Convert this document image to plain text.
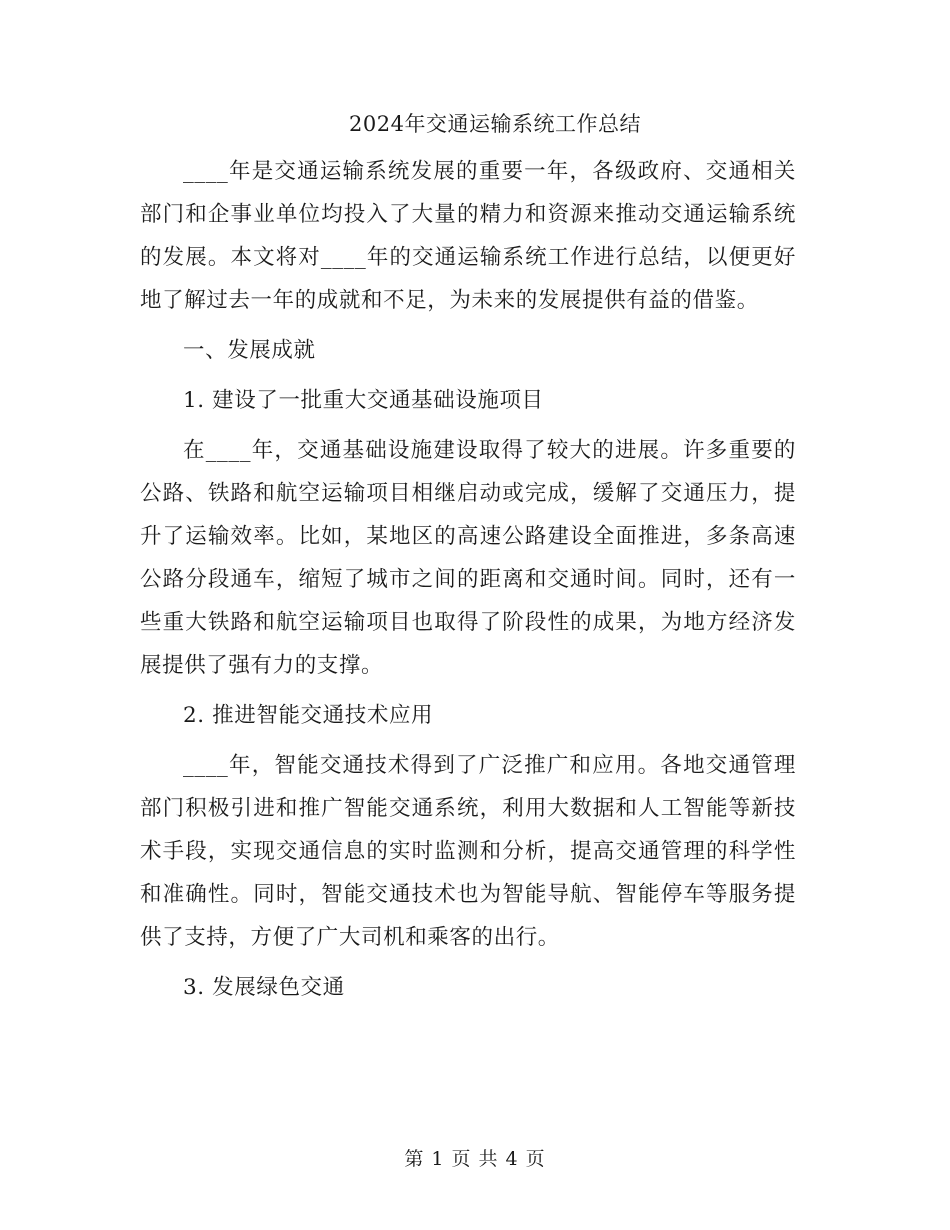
2024年交通运输系统工作总结

____年是交通运输系统发展的重要一年，各级政府、交通相关部门和企事业单位均投入了大量的精力和资源来推动交通运输系统的发展。本文将对____年的交通运输系统工作进行总结，以便更好地了解过去一年的成就和不足，为未来的发展提供有益的借鉴。

一、发展成就

1. 建设了一批重大交通基础设施项目

在____年，交通基础设施建设取得了较大的进展。许多重要的公路、铁路和航空运输项目相继启动或完成，缓解了交通压力，提升了运输效率。比如，某地区的高速公路建设全面推进，多条高速公路分段通车，缩短了城市之间的距离和交通时间。同时，还有一些重大铁路和航空运输项目也取得了阶段性的成果，为地方经济发展提供了强有力的支撑。

2. 推进智能交通技术应用

____年，智能交通技术得到了广泛推广和应用。各地交通管理部门积极引进和推广智能交通系统，利用大数据和人工智能等新技术手段，实现交通信息的实时监测和分析，提高交通管理的科学性和准确性。同时，智能交通技术也为智能导航、智能停车等服务提供了支持，方便了广大司机和乘客的出行。

3. 发展绿色交通

第 1 页 共 4 页
